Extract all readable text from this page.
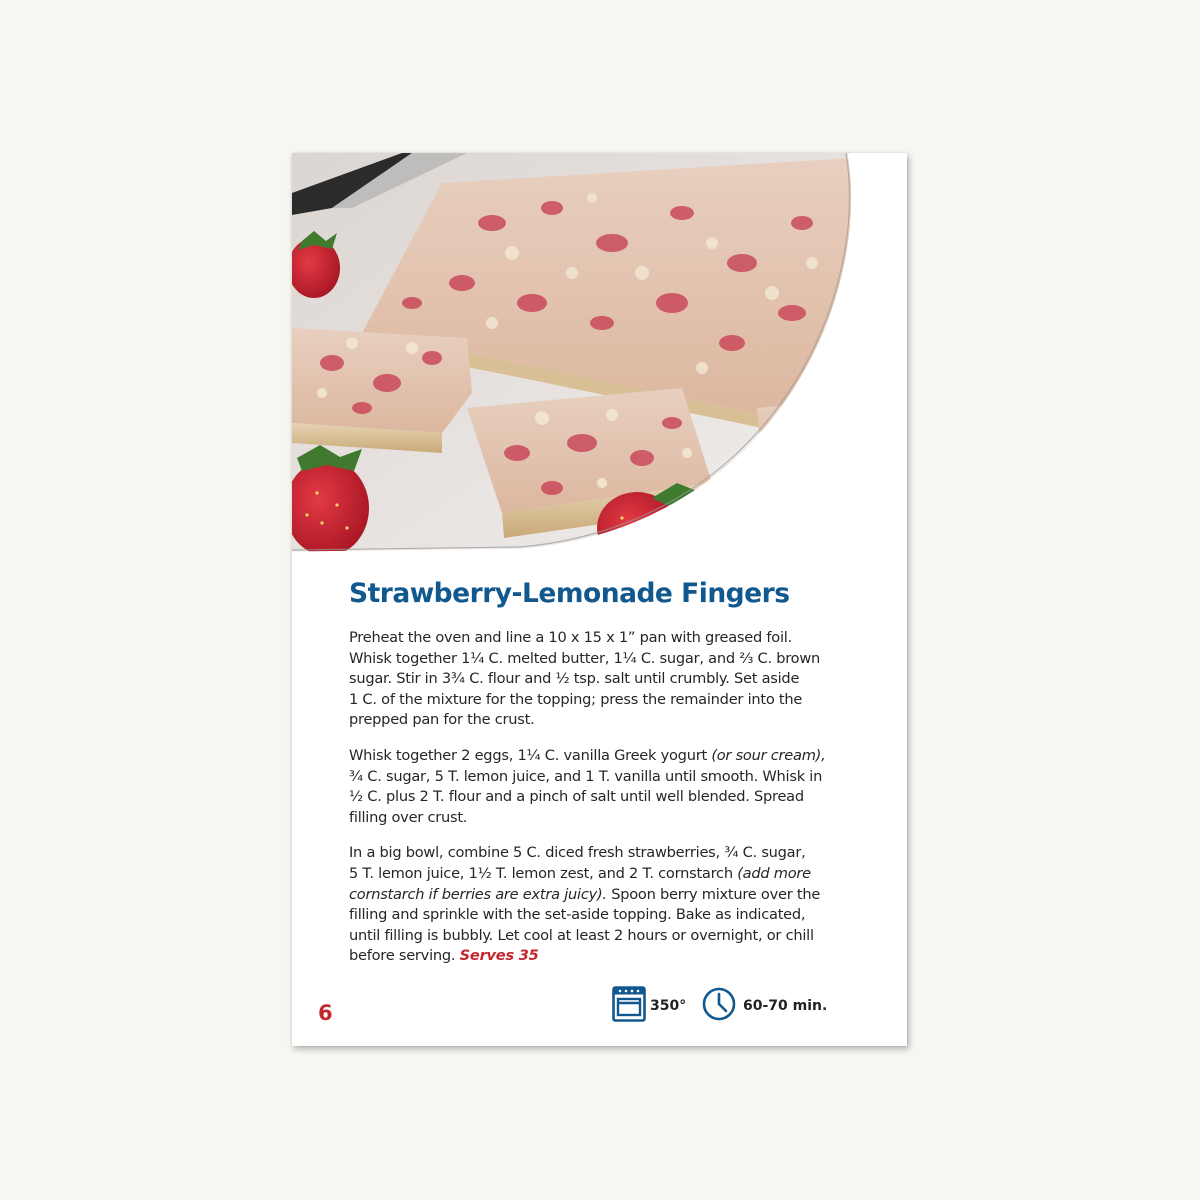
Strawberry-Lemonade Fingers

Preheat the oven and line a 10 x 15 x 1” pan with greased foil.
Whisk together 1¼ C. melted butter, 1¼ C. sugar, and ⅔ C. brown
sugar. Stir in 3¾ C. flour and ½ tsp. salt until crumbly. Set aside
1 C. of the mixture for the topping; press the remainder into the
prepped pan for the crust.

Whisk together 2 eggs, 1¼ C. vanilla Greek yogurt (or sour cream),
¾ C. sugar, 5 T. lemon juice, and 1 T. vanilla until smooth. Whisk in
½ C. plus 2 T. flour and a pinch of salt until well blended. Spread
filling over crust.

In a big bowl, combine 5 C. diced fresh strawberries, ¾ C. sugar,
5 T. lemon juice, 1½ T. lemon zest, and 2 T. cornstarch (add more
cornstarch if berries are extra juicy). Spoon berry mixture over the
filling and sprinkle with the set-aside topping. Bake as indicated,
until filling is bubbly. Let cool at least 2 hours or overnight, or chill
before serving. Serves 35

6	350°	60-70 min.
